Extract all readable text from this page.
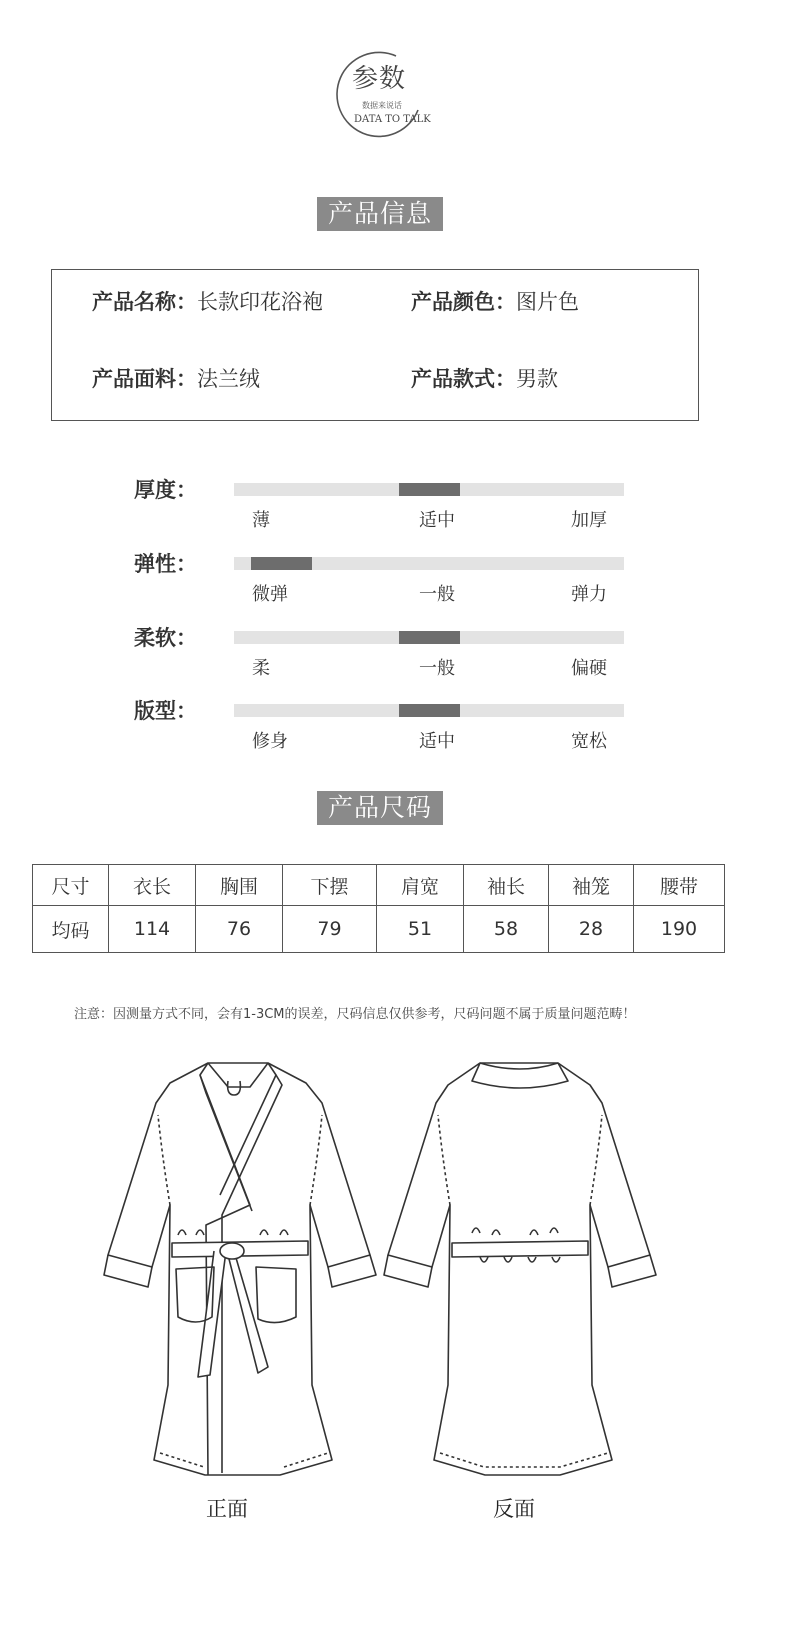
参数
数据来说话
DATA TO TALK
产品信息
产品名称：长款印花浴袍	产品颜色：图片色
产品面料：法兰绒	产品款式：男款
厚度：
薄	适中	加厚
弹性：
微弹	一般	弹力
柔软：
柔	一般	偏硬
版型：
修身	适中	宽松
产品尺码
尺寸	衣长	胸围	下摆	肩宽	袖长	袖笼	腰带
均码	114	76	79	51	58	28	190
注意：因测量方式不同，会有1-3CM的误差，尺码信息仅供参考，尺码问题不属于质量问题范畴！
正面	反面
